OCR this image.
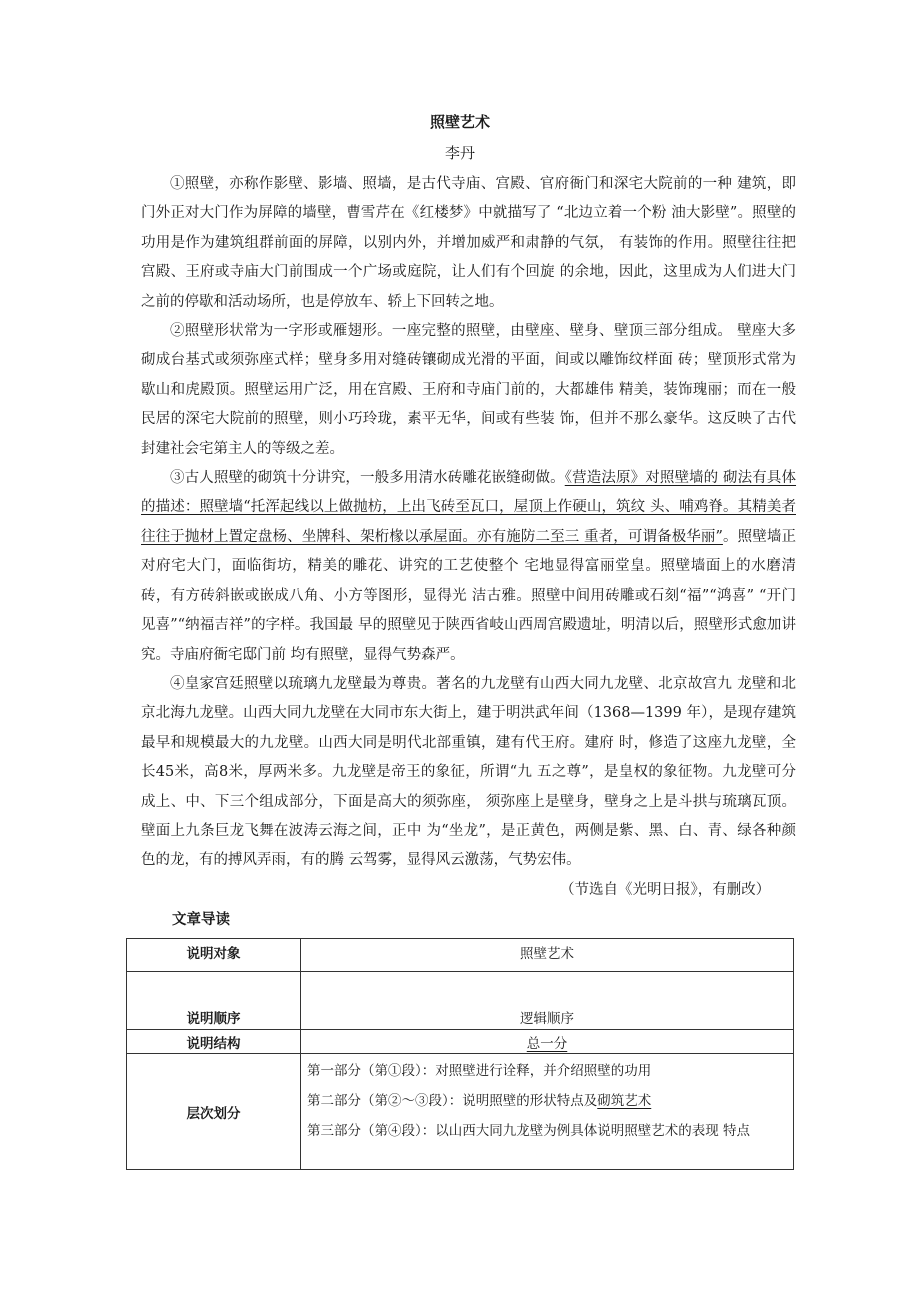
照壁艺术
李丹

①照壁，亦称作影壁、影墙、照墙，是古代寺庙、宫殿、官府衙门和深宅大院前的一种 建筑，即门外正对大门作为屏障的墙壁，曹雪芹在《红楼梦》中就描写了 “北边立着一个粉 油大影壁”。照壁的功用是作为建筑组群前面的屏障，以别内外，并增加威严和肃静的气氛， 有装饰的作用。照壁往往把宫殿、王府或寺庙大门前围成一个广场或庭院，让人们有个回旋 的余地，因此，这里成为人们进大门之前的停歇和活动场所，也是停放车、轿上下回转之地。

②照壁形状常为一字形或雁翅形。一座完整的照壁，由壁座、壁身、壁顶三部分组成。 壁座大多砌成台基式或须弥座式样；壁身多用对缝砖镶砌成光滑的平面，间或以雕饰纹样面 砖；壁顶形式常为歇山和虎殿顶。照壁运用广泛，用在宫殿、王府和寺庙门前的，大都雄伟 精美，装饰瑰丽；而在一般民居的深宅大院前的照壁，则小巧玲珑，素平无华，间或有些装 饰，但并不那么豪华。这反映了古代封建社会宅第主人的等级之差。

③古人照壁的砌筑十分讲究，一般多用清水砖雕花嵌缝砌做。《营造法原》对照壁墙的 砌法有具体的描述：照壁墙“托浑起线以上做抛枋，上出飞砖至瓦口，屋顶上作硬山，筑纹 头、哺鸡脊。其精美者往往于抛材上置定盘杨、坐牌科、架桁椽以承屋面。亦有施防二至三 重者，可谓备极华丽”。照壁墙正对府宅大门，面临街坊，精美的雕花、讲究的工艺使整个 宅地显得富丽堂皇。照壁墙面上的水磨清砖，有方砖斜嵌或嵌成八角、小方等图形，显得光 洁古雅。照壁中间用砖雕或石刻“福”“鸿喜” “开门见喜”“纳福吉祥”的字样。我国最 早的照壁见于陕西省岐山西周宫殿遗址，明清以后，照壁形式愈加讲究。寺庙府衙宅邸门前 均有照壁，显得气势森严。

④皇家宫廷照壁以琉璃九龙壁最为尊贵。著名的九龙壁有山西大同九龙壁、北京故宫九 龙壁和北京北海九龙壁。山西大同九龙壁在大同市东大街上，建于明洪武年间（1368—1399 年），是现存建筑最早和规模最大的九龙壁。山西大同是明代北部重镇，建有代王府。建府 时，修造了这座九龙壁，全长45米，高8米，厚两米多。九龙壁是帝王的象征，所谓“九 五之尊”，是皇权的象征物。九龙壁可分成上、中、下三个组成部分，下面是高大的须弥座， 须弥座上是壁身，壁身之上是斗拱与琉璃瓦顶。壁面上九条巨龙飞舞在波涛云海之间，正中 为“坐龙”，是正黄色，两侧是紫、黑、白、青、绿各种颜色的龙，有的搏风弄雨，有的腾 云驾雾，显得风云激荡，气势宏伟。

（节选自《光明日报》，有删改）
文章导读
说明对象	照壁艺术

说明顺序	逻辑顺序

说明结构	总一分
层次划分	第一部分（第①段）：对照壁进行诠释，并介绍照壁的功用
第二部分（第②～③段）：说明照壁的形状特点及砌筑艺术
第三部分（第④段）：以山西大同九龙壁为例具体说明照壁艺术的表现 特点
